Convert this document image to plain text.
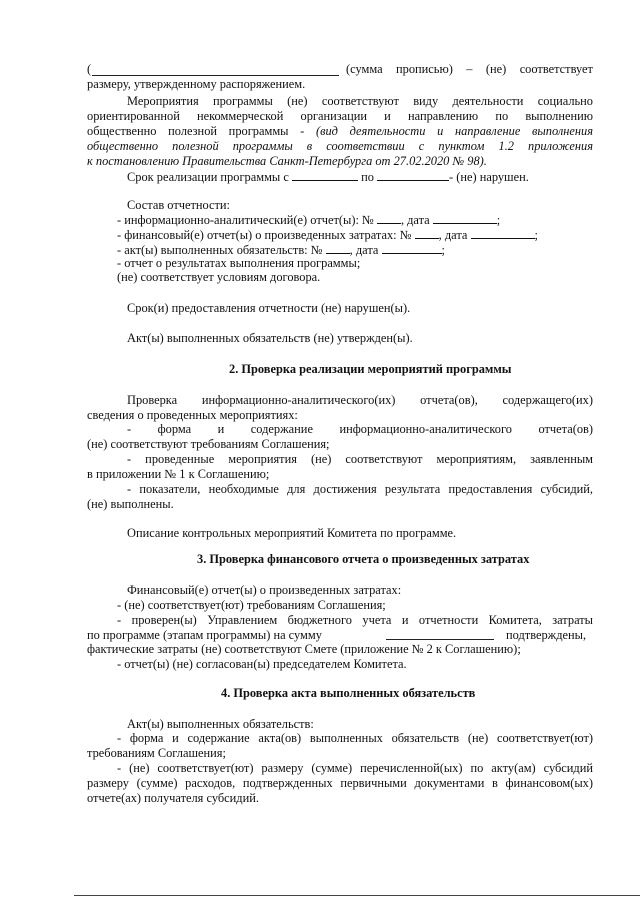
(	(сумма прописью) – (не) соответствует
размеру, утвержденному распоряжением.
Мероприятия программы (не) соответствуют виду деятельности социально
ориентированной некоммерческой организации и направлению по выполнению
общественно полезной программы - (вид деятельности и направление выполнения
общественно полезной программы в соответствии с пунктом 1.2 приложения
к постановлению Правительства Санкт-Петербурга от 27.02.2020 № 98).
Срок реализации программы с	по	- (не) нарушен.
Состав отчетности:
- информационно-аналитический(е) отчет(ы): № , дата	;
- финансовый(е) отчет(ы) о произведенных затратах: № , дата	;
- акт(ы) выполненных обязательств: № , дата	;
- отчет о результатах выполнения программы;
(не) соответствует условиям договора.
Срок(и) предоставления отчетности (не) нарушен(ы).
Акт(ы) выполненных обязательств (не) утвержден(ы).
2. Проверка реализации мероприятий программы
Проверка информационно-аналитического(их) отчета(ов), содержащего(их)
сведения о проведенных мероприятиях:
- форма и содержание информационно-аналитического отчета(ов)
(не) соответствуют требованиям Соглашения;
- проведенные мероприятия (не) соответствуют мероприятиям, заявленным
в приложении № 1 к Соглашению;
- показатели, необходимые для достижения результата предоставления субсидий,
(не) выполнены.
Описание контрольных мероприятий Комитета по программе.
3. Проверка финансового отчета о произведенных затратах
Финансовый(е) отчет(ы) о произведенных затратах:
- (не) соответствует(ют) требованиям Соглашения;
- проверен(ы) Управлением бюджетного учета и отчетности Комитета, затраты
по программе (этапам программы) на сумму	подтверждены,
фактические затраты (не) соответствуют Смете (приложение № 2 к Соглашению);
- отчет(ы) (не) согласован(ы) председателем Комитета.
4. Проверка акта выполненных обязательств
Акт(ы) выполненных обязательств:
- форма и содержание акта(ов) выполненных обязательств (не) соответствует(ют)
требованиям Соглашения;
- (не) соответствует(ют) размеру (сумме) перечисленной(ых) по акту(ам) субсидий
размеру (сумме) расходов, подтвержденных первичными документами в финансовом(ых)
отчете(ах) получателя субсидий.
